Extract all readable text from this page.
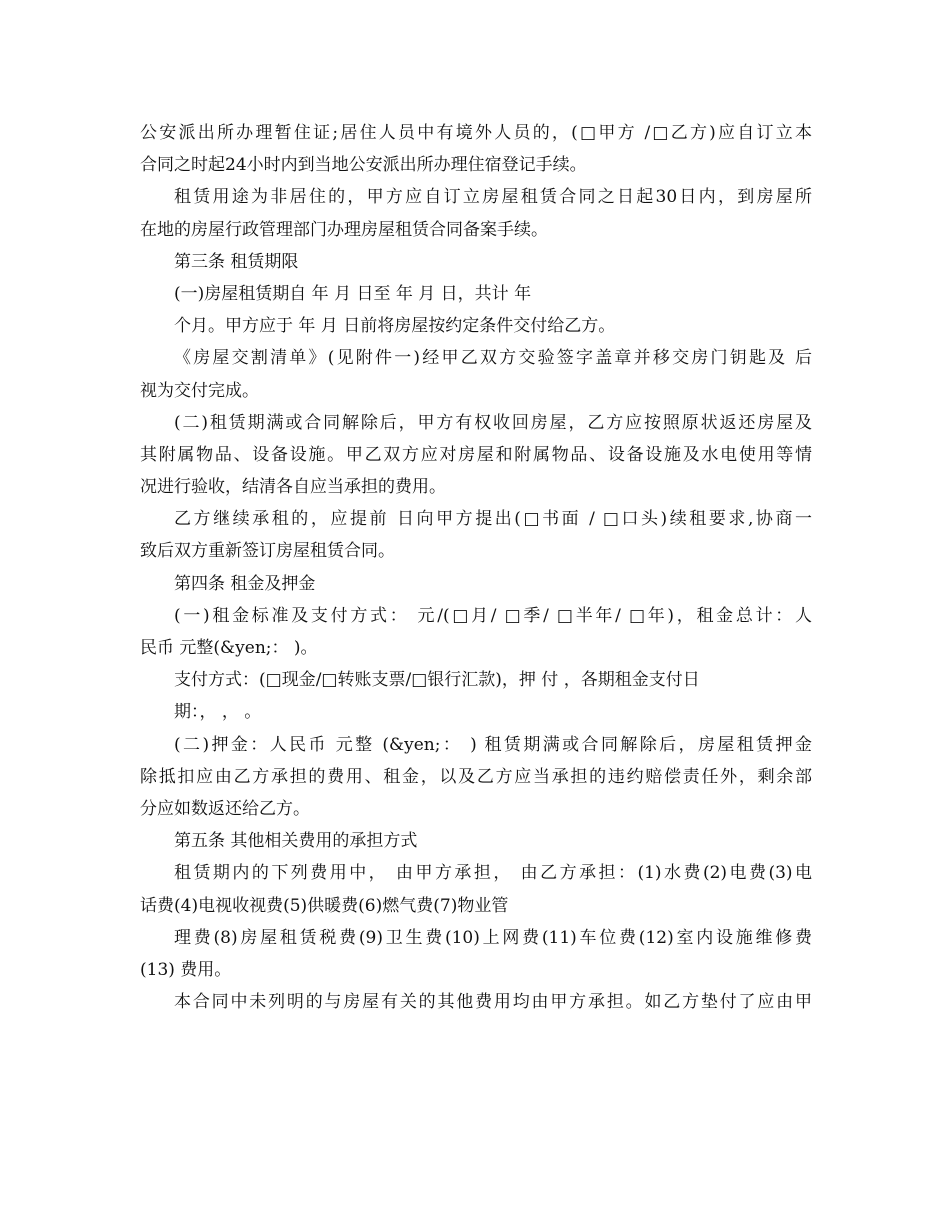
公安派出所办理暂住证;居住人员中有境外人员的，(□甲方 /□乙方)应自订立本
合同之时起24小时内到当地公安派出所办理住宿登记手续。
租赁用途为非居住的，甲方应自订立房屋租赁合同之日起30日内，到房屋所
在地的房屋行政管理部门办理房屋租赁合同备案手续。
第三条 租赁期限
(一)房屋租赁期自 年 月 日至 年 月 日，共计 年
个月。甲方应于 年 月 日前将房屋按约定条件交付给乙方。
《房屋交割清单》(见附件一)经甲乙双方交验签字盖章并移交房门钥匙及 后
视为交付完成。
(二)租赁期满或合同解除后，甲方有权收回房屋，乙方应按照原状返还房屋及
其附属物品、设备设施。甲乙双方应对房屋和附属物品、设备设施及水电使用等情
况进行验收，结清各自应当承担的费用。
乙方继续承租的，应提前 日向甲方提出(□书面 / □口头)续租要求,协商一
致后双方重新签订房屋租赁合同。
第四条 租金及押金
(一)租金标准及支付方式： 元/(□月/ □季/ □半年/ □年)，租金总计：人
民币 元整(&yen;： )。
支付方式：(□现金/□转账支票/□银行汇款)，押 付 ，各期租金支付日
期：， ， 。
(二)押金：人民币 元整 (&yen;： ) 租赁期满或合同解除后，房屋租赁押金
除抵扣应由乙方承担的费用、租金，以及乙方应当承担的违约赔偿责任外，剩余部
分应如数返还给乙方。
第五条 其他相关费用的承担方式
租赁期内的下列费用中， 由甲方承担， 由乙方承担：(1)水费(2)电费(3)电
话费(4)电视收视费(5)供暖费(6)燃气费(7)物业管
理费(8)房屋租赁税费(9)卫生费(10)上网费(11)车位费(12)室内设施维修费
(13) 费用。
本合同中未列明的与房屋有关的其他费用均由甲方承担。如乙方垫付了应由甲
